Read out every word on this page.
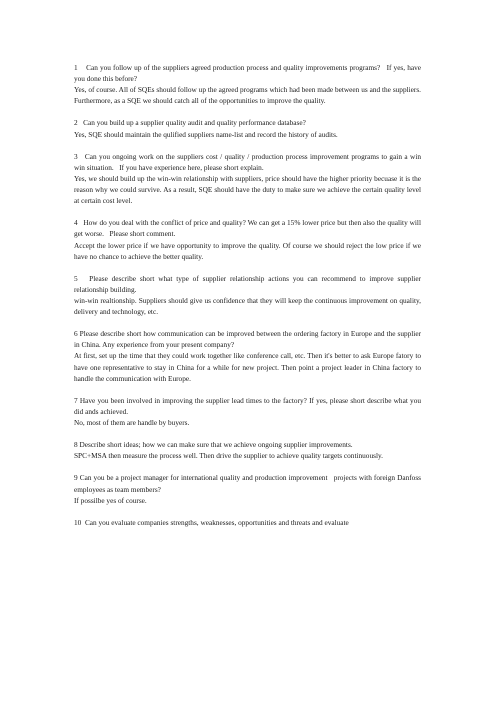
1    Can you follow up of the suppliers agreed production process and quality improvements programs?   If yes, have you done this before?

Yes, of course. All of SQEs should follow up the agreed programs which had been made between us and the suppliers. Furthermore, as a SQE we should catch all of the opportunities to improve the quality.

2   Can you build up a supplier quality audit and quality performance database?

Yes, SQE should maintain the qulified suppliers name-list and record the history of audits.

3   Can you ongoing work on the suppliers cost / quality / production process improvement programs to gain a win win situation.   If you have experience here, please short explain.

Yes, we should build up the win-win relationship with suppliers, price should have the higher priority becuase it is the reason why we could survive. As a result, SQE should have the duty to make sure we achieve the certain quality level at certain cost level.

4   How do you deal with the conflict of price and quality? We can get a 15% lower price but then also the quality will get worse.   Please short comment.

Accept the lower price if we have opportunity to improve the quality. Of course we should reject the low price if we have no chance to achieve the better quality.

5   Please describe short what type of supplier relationship actions you can recommend to improve supplier relationship building.

win-win realtionship. Suppliers should give us confidence that they will keep the continuous improvement on quality, delivery and technology, etc.

6 Please describe short how communication can be improved between the ordering factory in Europe and the supplier in China. Any experience from your present company?

At first, set up the time that they could work together like conference call, etc. Then it's better to ask Europe fatory to have one representative to stay in China for a while for new project. Then point a project leader in China factory to handle the communication with Europe.

7 Have you been involved in improving the supplier lead times to the factory? If yes, please short describe what you did ands achieved.

No, most of them are handle by buyers.

8 Describe short ideas; how we can make sure that we achieve ongoing supplier improvements.

SPC+MSA then measure the process well. Then drive the supplier to achieve quality targets continuously.

9 Can you be a project manager for international quality and production improvement   projects with foreign Danfoss employees as team members?

If possilbe yes of course.

10  Can you evaluate companies strengths, weaknesses, opportunities and threats and evaluate
